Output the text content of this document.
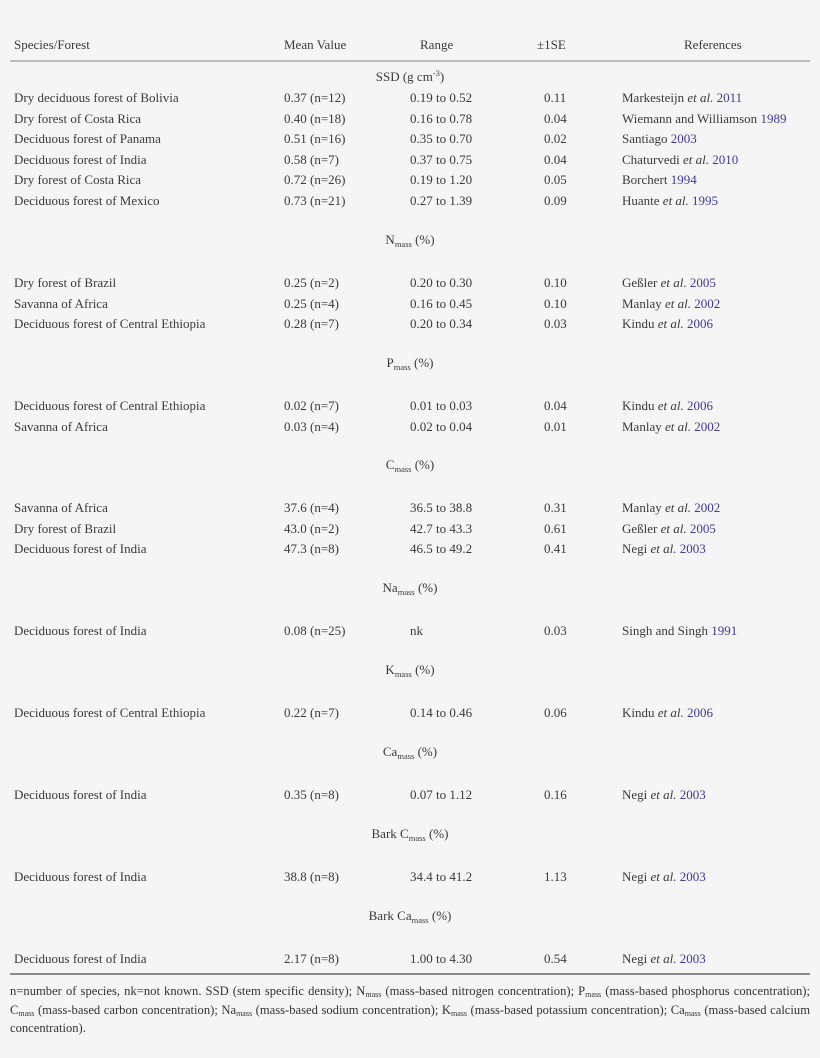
Species/Forest	Mean Value	Range	±1SE	References
SSD (g $cm^{-3}$)
Dry deciduous forest of Bolivia	0.37 (n=12)	0.19 to 0.52	0.11	Markesteijn et al. 2011
Dry forest of Costa Rica	0.40 (n=18)	0.16 to 0.78	0.04	Wiemann and Williamson 1989
Deciduous forest of Panama	0.51 (n=16)	0.35 to 0.70	0.02	Santiago 2003
Deciduous forest of India	0.58 (n=7)	0.37 to 0.75	0.04	Chaturvedi et al. 2010
Dry forest of Costa Rica	0.72 (n=26)	0.19 to 1.20	0.05	Borchert 1994
Deciduous forest of Mexico	0.73 (n=21)	0.27 to 1.39	0.09	Huante et al. 1995
$N_{mass}$ (%)
Dry forest of Brazil	0.25 (n=2)	0.20 to 0.30	0.10	Geßler et al. 2005
Savanna of Africa	0.25 (n=4)	0.16 to 0.45	0.10	Manlay et al. 2002
Deciduous forest of Central Ethiopia	0.28 (n=7)	0.20 to 0.34	0.03	Kindu et al. 2006
$P_{mass}$ (%)
Deciduous forest of Central Ethiopia	0.02 (n=7)	0.01 to 0.03	0.04	Kindu et al. 2006
Savanna of Africa	0.03 (n=4)	0.02 to 0.04	0.01	Manlay et al. 2002
$C_{mass}$ (%)
Savanna of Africa	37.6 (n=4)	36.5 to 38.8	0.31	Manlay et al. 2002
Dry forest of Brazil	43.0 (n=2)	42.7 to 43.3	0.61	Geßler et al. 2005
Deciduous forest of India	47.3 (n=8)	46.5 to 49.2	0.41	Negi et al. 2003
$Na_{mass}$ (%)
Deciduous forest of India	0.08 (n=25)	nk	0.03	Singh and Singh 1991
$K_{mass}$ (%)
Deciduous forest of Central Ethiopia	0.22 (n=7)	0.14 to 0.46	0.06	Kindu et al. 2006
$Ca_{mass}$ (%)
Deciduous forest of India	0.35 (n=8)	0.07 to 1.12	0.16	Negi et al. 2003
Bark $C_{mass}$ (%)
Deciduous forest of India	38.8 (n=8)	34.4 to 41.2	1.13	Negi et al. 2003
Bark $Ca_{mass}$ (%)
Deciduous forest of India	2.17 (n=8)	1.00 to 4.30	0.54	Negi et al. 2003
n=number of species, nk=not known. SSD (stem specific density); $N_{mass}$ (mass-based nitrogen concentration); $P_{mass}$ (mass-based phosphorus concentration); $C_{mass}$ (mass-based carbon concentration); $Na_{mass}$ (mass-based sodium concentration); $K_{mass}$ (mass-based potassium concentration); $Ca_{mass}$ (mass-based calcium concentration).
